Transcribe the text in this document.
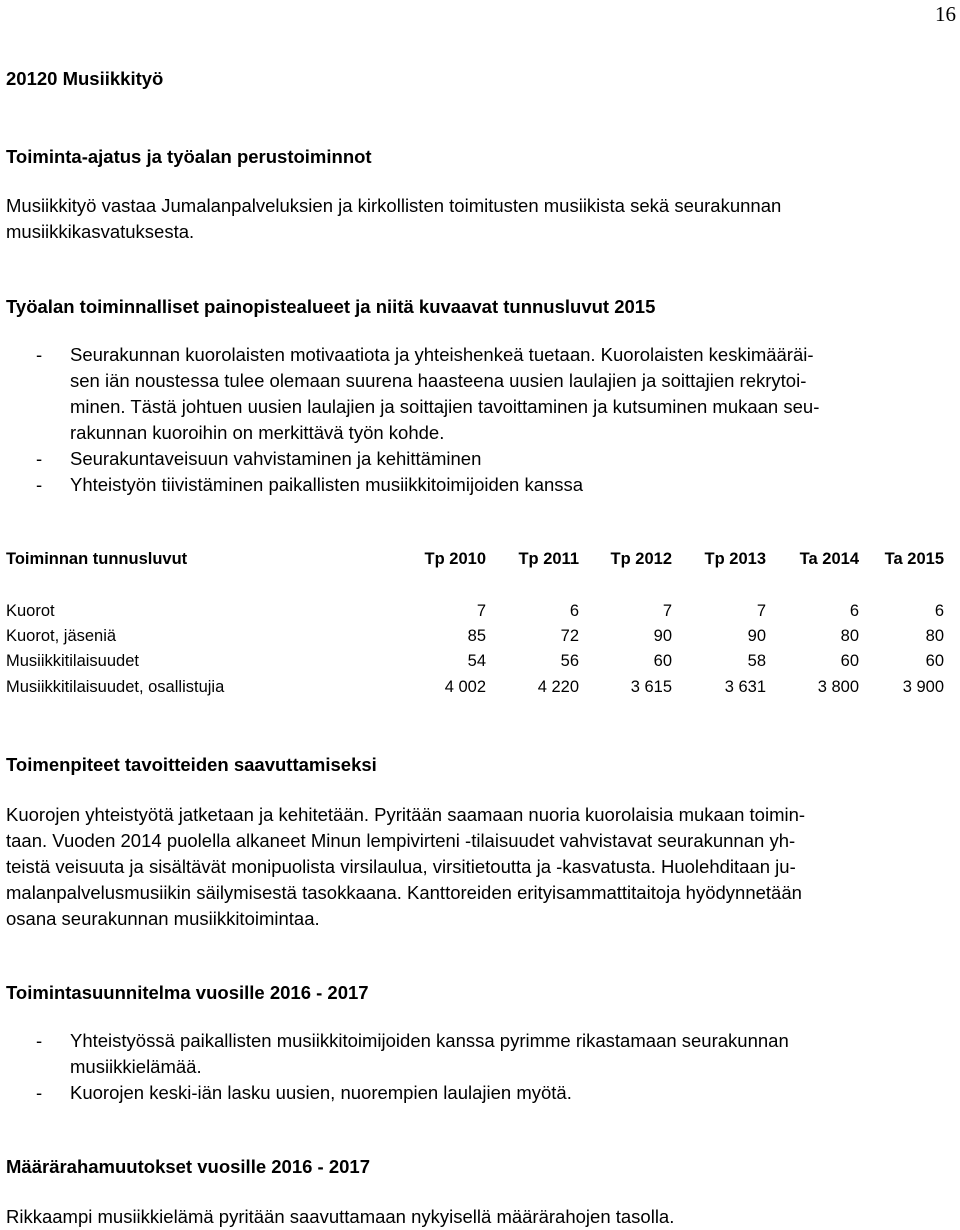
16
20120 Musiikkityö
Toiminta-ajatus ja työalan perustoiminnot
Musiikkityö vastaa Jumalanpalveluksien ja kirkollisten toimitusten musiikista sekä seurakunnan
musiikkikasvatuksesta.
Työalan toiminnalliset painopistealueet ja niitä kuvaavat tunnusluvut 2015
- Seurakunnan kuorolaisten motivaatiota ja yhteishenkeä tuetaan. Kuorolaisten keskimääräi-
sen iän noustessa tulee olemaan suurena haasteena uusien laulajien ja soittajien rekrytoi-
minen. Tästä johtuen uusien laulajien ja soittajien tavoittaminen ja kutsuminen mukaan seu-
rakunnan kuoroihin on merkittävä työn kohde.
- Seurakuntaveisuun vahvistaminen ja kehittäminen
- Yhteistyön tiivistäminen paikallisten musiikkitoimijoiden kanssa
Toiminnan tunnusluvut	Tp 2010	Tp 2011	Tp 2012	Tp 2013	Ta 2014	Ta 2015
Kuorot	7	6	7	7	6	6
Kuorot, jäseniä	85	72	90	90	80	80
Musiikkitilaisuudet	54	56	60	58	60	60
Musiikkitilaisuudet, osallistujia	4 002	4 220	3 615	3 631	3 800	3 900
Toimenpiteet tavoitteiden saavuttamiseksi
Kuorojen yhteistyötä jatketaan ja kehitetään. Pyritään saamaan nuoria kuorolaisia mukaan toimin-
taan. Vuoden 2014 puolella alkaneet Minun lempivirteni -tilaisuudet vahvistavat seurakunnan yh-
teistä veisuuta ja sisältävät monipuolista virsilaulua, virsitietoutta ja -kasvatusta. Huolehditaan ju-
malanpalvelusmusiikin säilymisestä tasokkaana. Kanttoreiden erityisammattitaitoja hyödynnetään
osana seurakunnan musiikkitoimintaa.
Toimintasuunnitelma vuosille 2016 - 2017
- Yhteistyössä paikallisten musiikkitoimijoiden kanssa pyrimme rikastamaan seurakunnan
musiikkielämää.
- Kuorojen keski-iän lasku uusien, nuorempien laulajien myötä.
Määrärahamuutokset vuosille 2016 - 2017
Rikkaampi musiikkielämä pyritään saavuttamaan nykyisellä määrärahojen tasolla.
